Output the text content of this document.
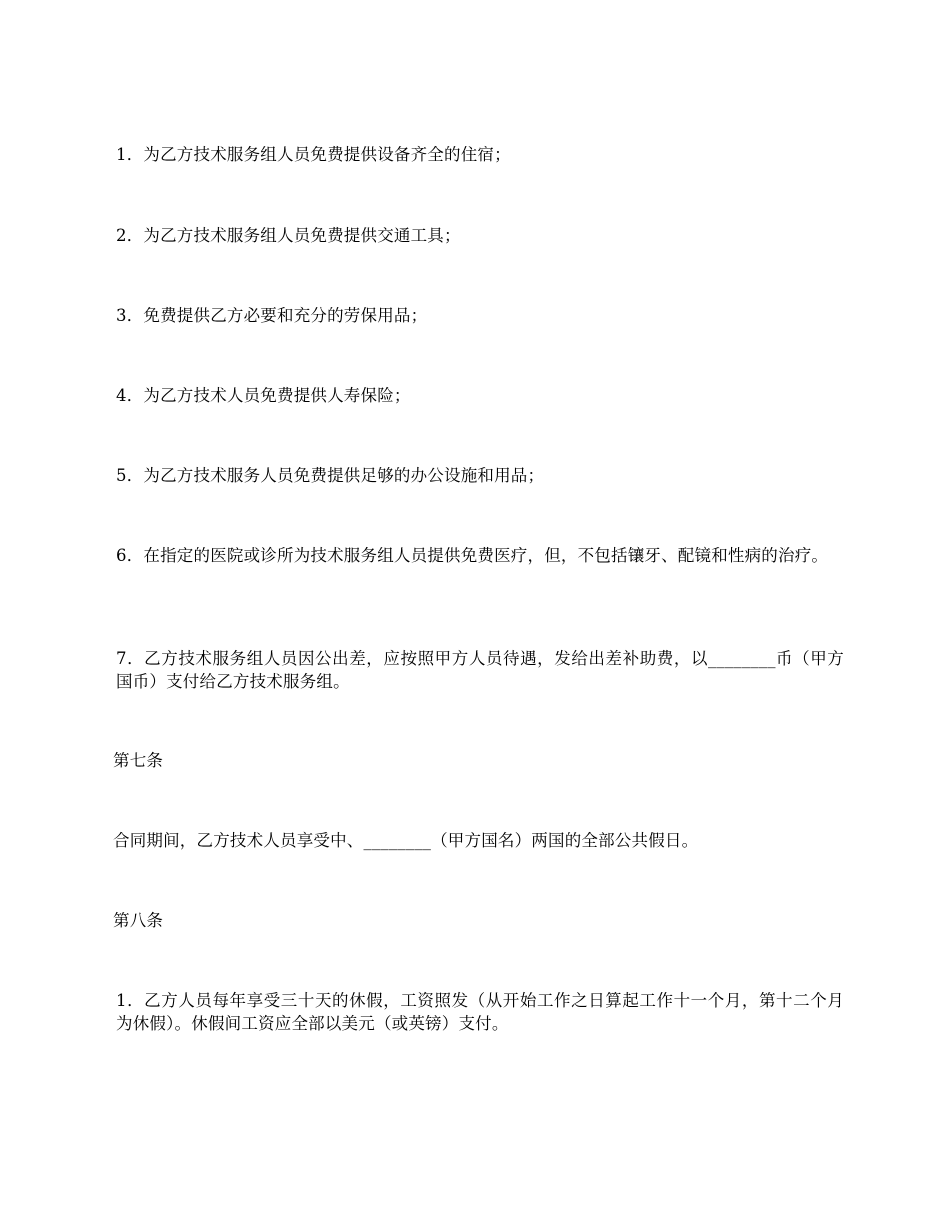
1．为乙方技术服务组人员免费提供设备齐全的住宿；

2．为乙方技术服务组人员免费提供交通工具；

3．免费提供乙方必要和充分的劳保用品；

4．为乙方技术人员免费提供人寿保险；

5．为乙方技术服务人员免费提供足够的办公设施和用品；

6．在指定的医院或诊所为技术服务组人员提供免费医疗，但，不包括镶牙、配镜和性病的治疗。

7．乙方技术服务组人员因公出差，应按照甲方人员待遇，发给出差补助费，以________币（甲方国币）支付给乙方技术服务组。

第七条

合同期间，乙方技术人员享受中、________（甲方国名）两国的全部公共假日。

第八条

1．乙方人员每年享受三十天的休假，工资照发（从开始工作之日算起工作十一个月，第十二个月为休假）。休假间工资应全部以美元（或英镑）支付。
